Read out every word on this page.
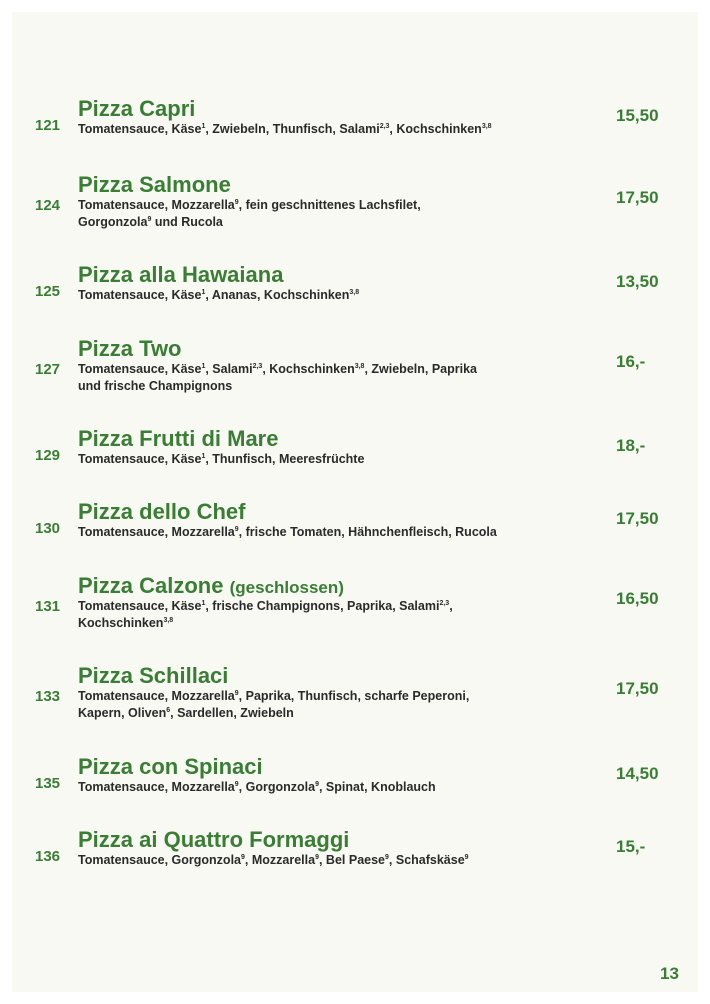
121
Pizza Capri
Tomatensauce, Käse$^1$, Zwiebeln, Thunfisch, Salami$^{2,3}$, Kochschinken$^{3,8}$
15,50
124
Pizza Salmone
Tomatensauce, Mozzarella$^9$, fein geschnittenes Lachsfilet,
Gorgonzola$^9$ und Rucola
17,50
125
Pizza alla Hawaiana
Tomatensauce, Käse$^1$, Ananas, Kochschinken$^{3,8}$
13,50
127
Pizza Two
Tomatensauce, Käse$^1$, Salami$^{2,3}$, Kochschinken$^{3,8}$, Zwiebeln, Paprika
und frische Champignons
16,-
129
Pizza Frutti di Mare
Tomatensauce, Käse$^1$, Thunfisch, Meeresfrüchte
18,-
130
Pizza dello Chef
Tomatensauce, Mozzarella$^9$, frische Tomaten, Hähnchenfleisch, Rucola
17,50
131
Pizza Calzone (geschlossen)
Tomatensauce, Käse$^1$, frische Champignons, Paprika, Salami$^{2,3}$,
Kochschinken$^{3,8}$
16,50
133
Pizza Schillaci
Tomatensauce, Mozzarella$^9$, Paprika, Thunfisch, scharfe Peperoni,
Kapern, Oliven$^6$, Sardellen, Zwiebeln
17,50
135
Pizza con Spinaci
Tomatensauce, Mozzarella$^9$, Gorgonzola$^9$, Spinat, Knoblauch
14,50
136
Pizza ai Quattro Formaggi
Tomatensauce, Gorgonzola$^9$, Mozzarella$^9$, Bel Paese$^9$, Schafskäse$^9$
15,-
13
